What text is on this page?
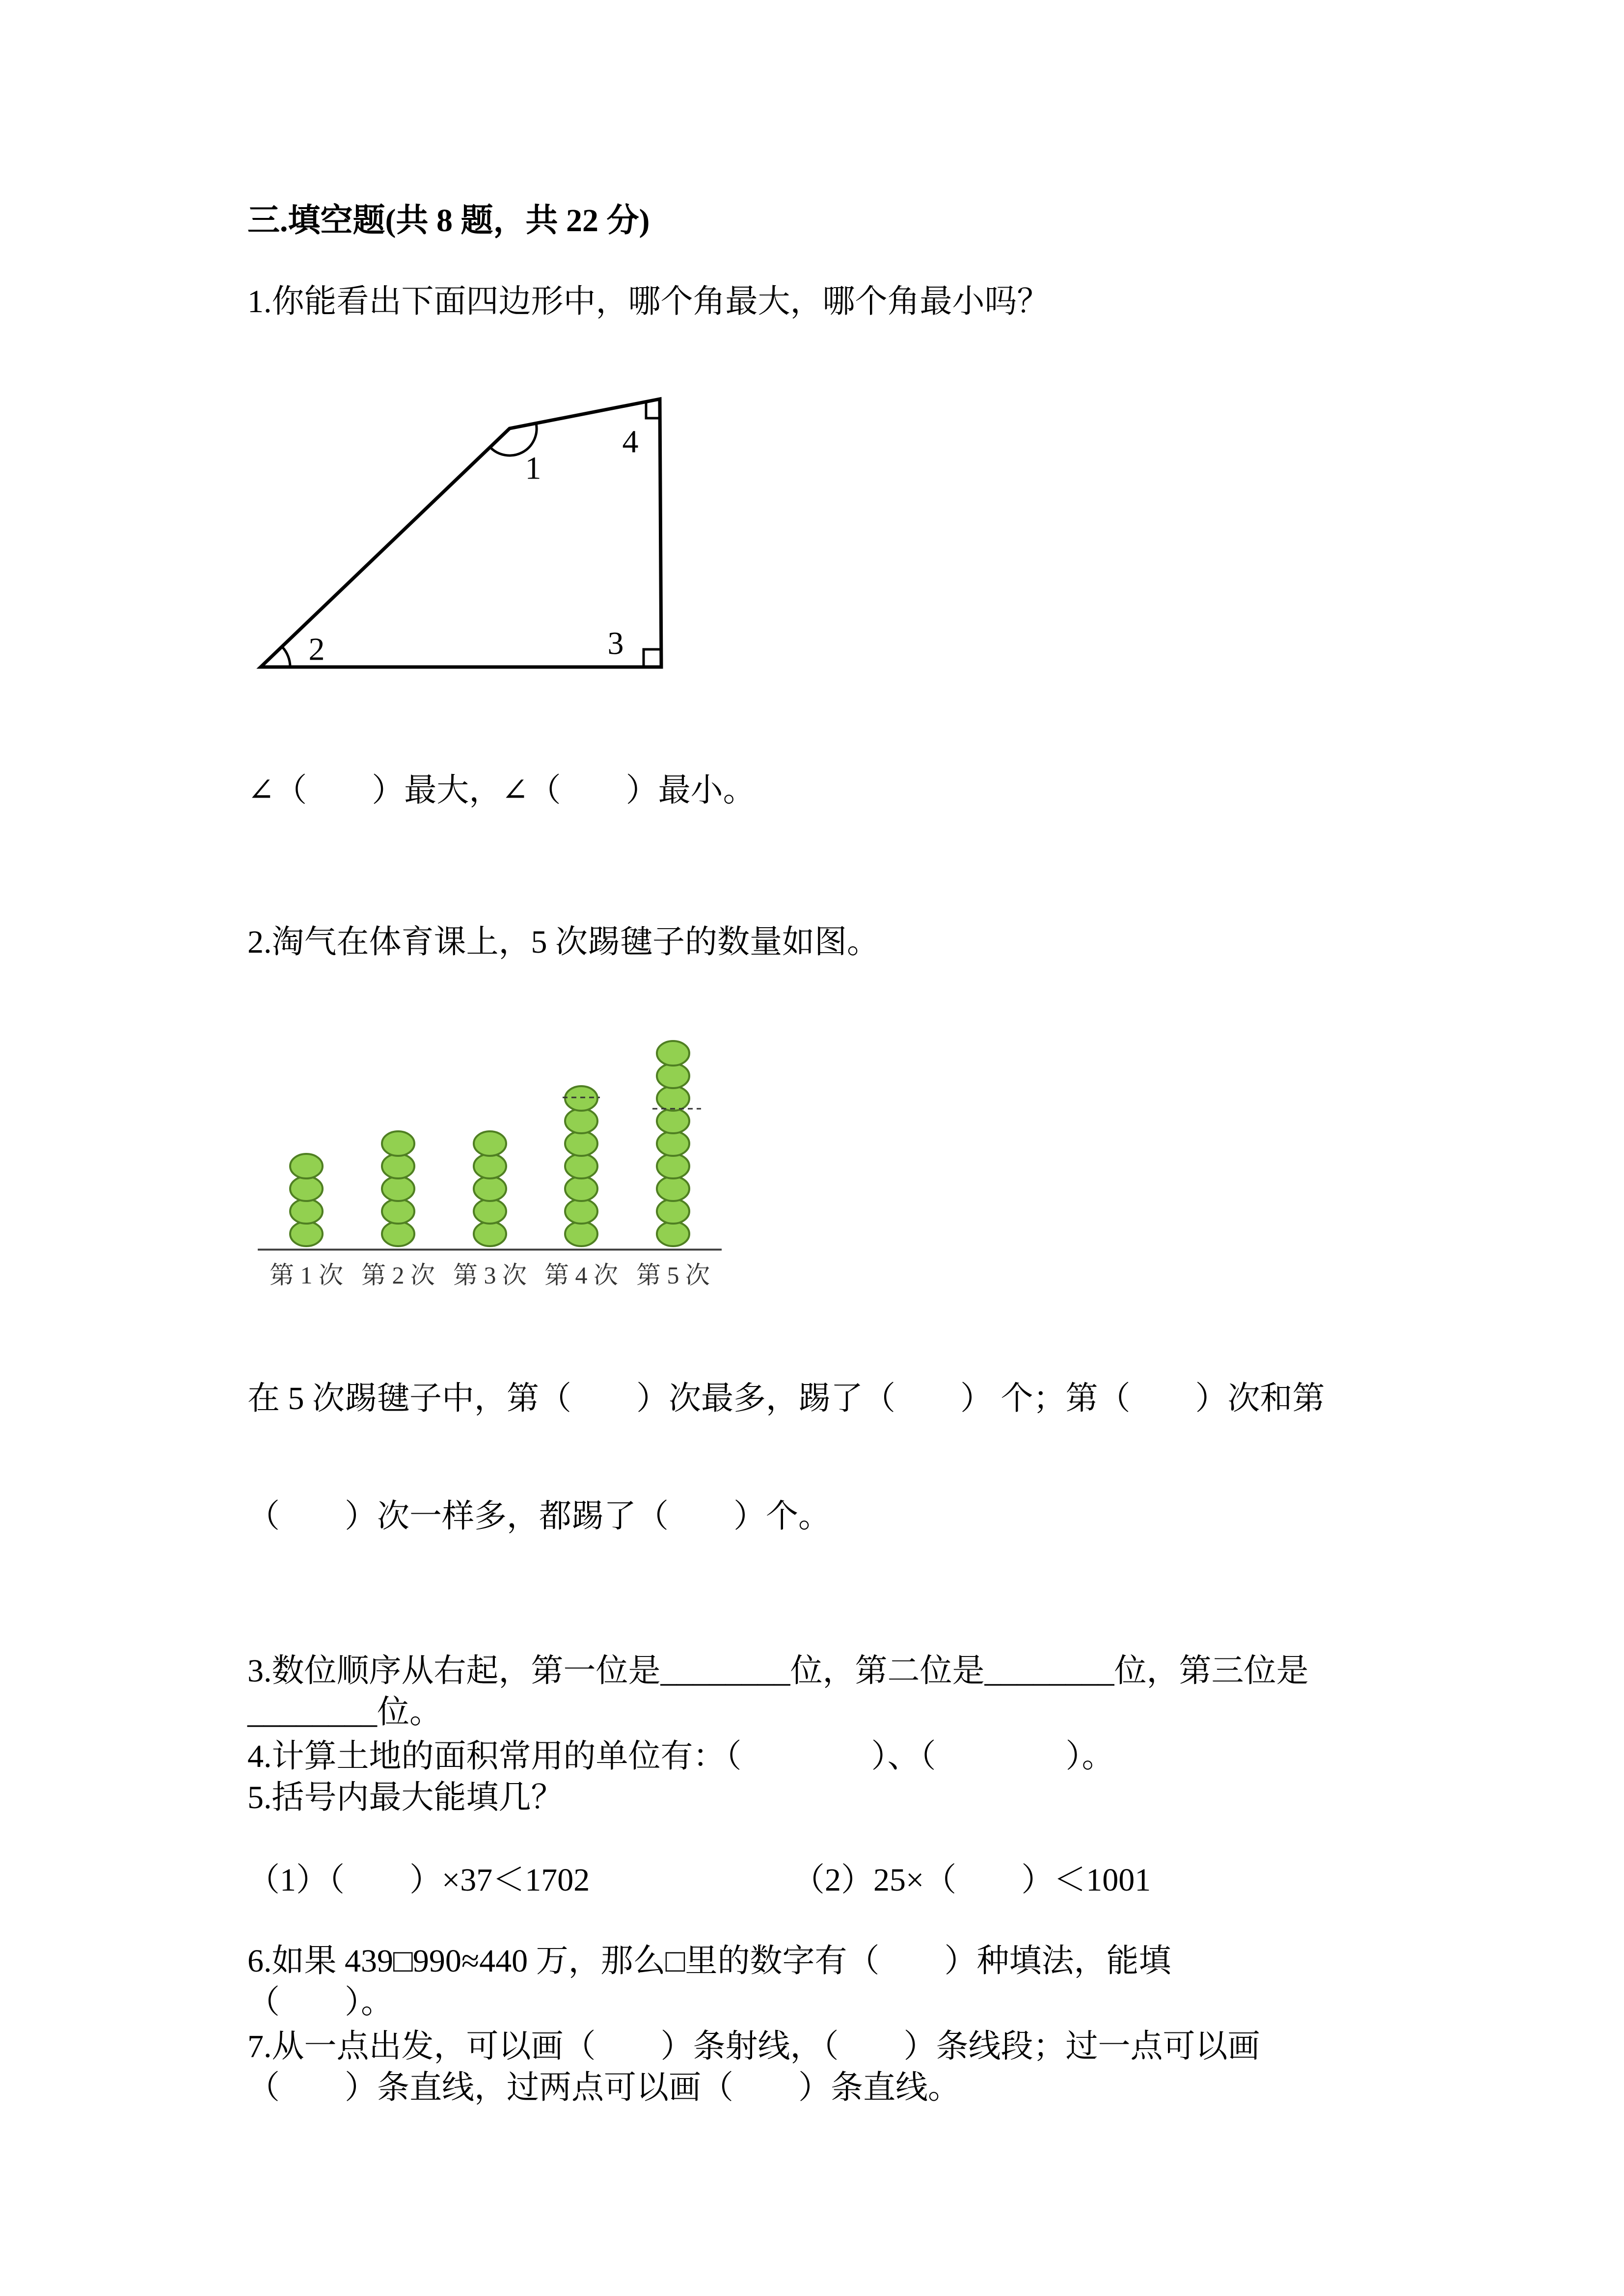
三.填空题(共 8 题，共 22 分)
1.你能看出下面四边形中，哪个角最大，哪个角最小吗？
1
2	3
4
∠（　　）最大，∠（　　）最小。
2.淘气在体育课上，5 次踢毽子的数量如图。
第 1 次 第 2 次 第 3 次 第 4 次 第 5 次
在 5 次踢毽子中，第（　　）次最多，踢了（　　） 个；第（　　）次和第
（　　）次一样多，都踢了（　　）个。
3.数位顺序从右起，第一位是________位，第二位是________位，第三位是
________位。
4.计算土地的面积常用的单位有：（　　　　）、（　　　　）。
5.括号内最大能填几？
（1）（　　）×37＜1702	（2）25×（　　）＜1001
6.如果 439□990≈440 万，那么□里的数字有（　　）种填法，能填
（　　）。
7.从一点出发，可以画（　　）条射线，（　　）条线段；过一点可以画
（　　）条直线，过两点可以画（　　）条直线。
